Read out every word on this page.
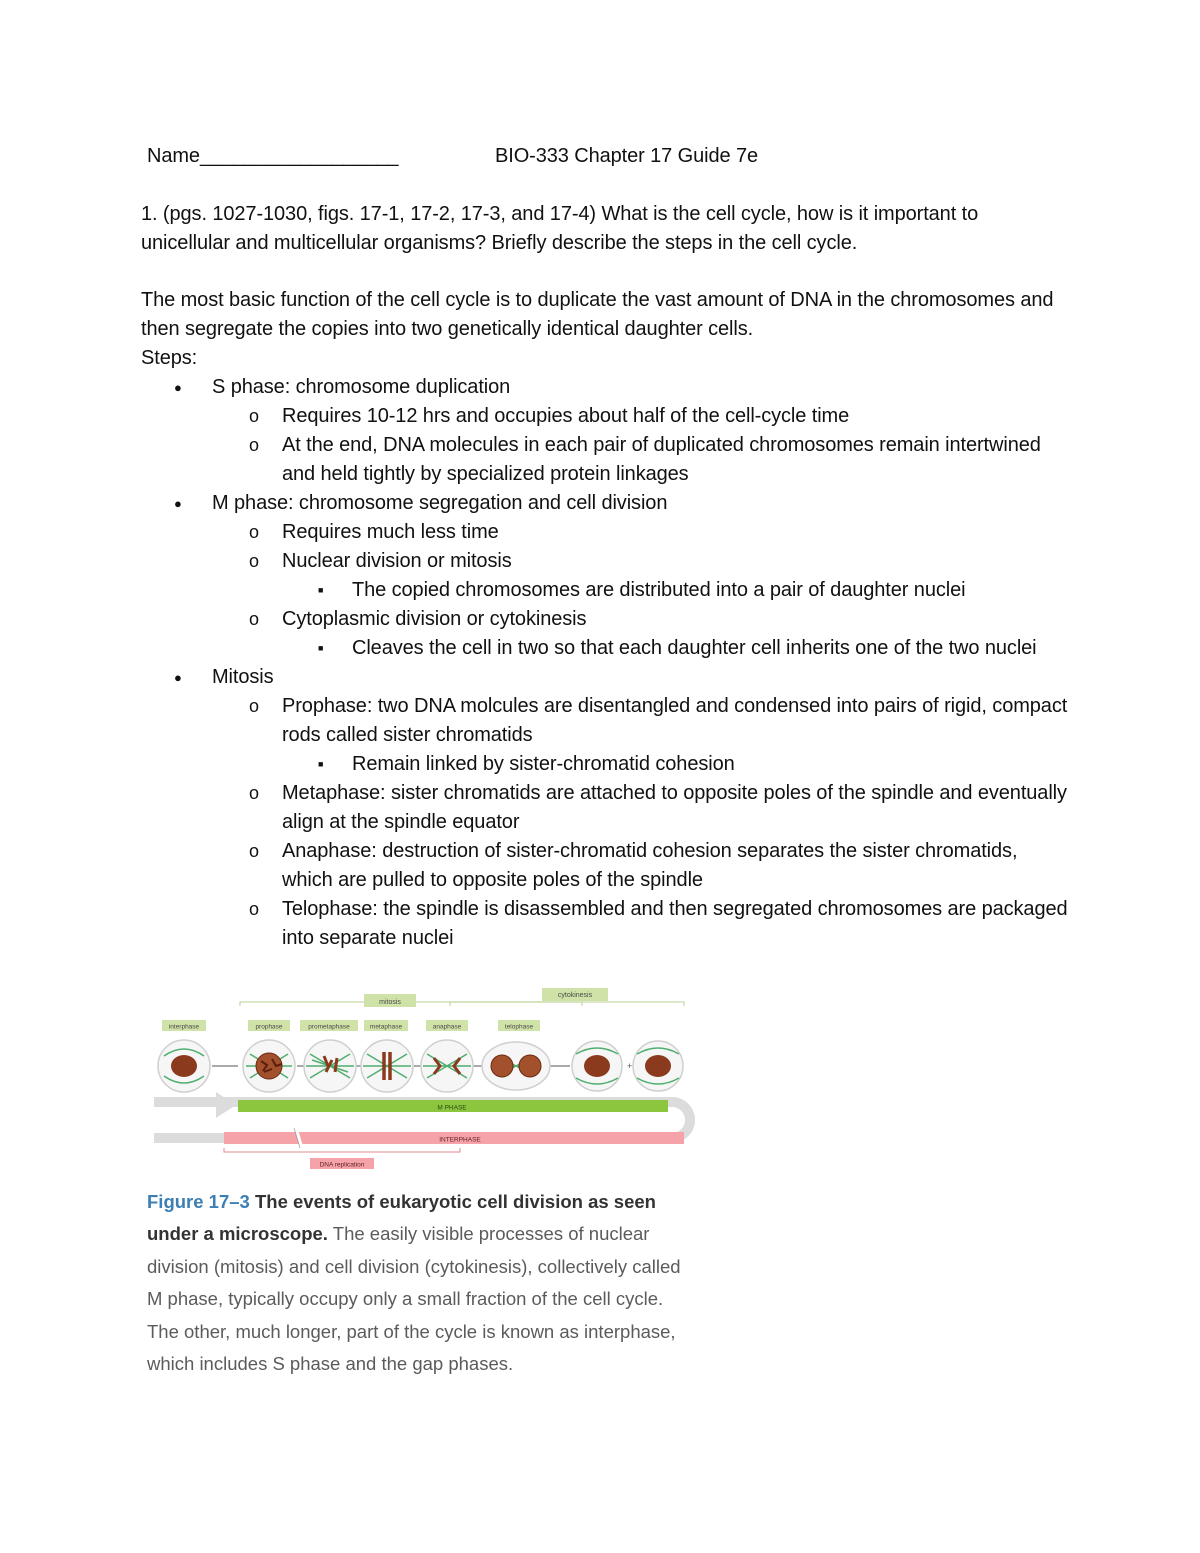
Name__________________	BIO-333 Chapter 17 Guide 7e
1. (pgs. 1027-1030, figs. 17-1, 17-2, 17-3, and 17-4) What is the cell cycle, how is it important to unicellular and multicellular organisms? Briefly describe the steps in the cell cycle.
The most basic function of the cell cycle is to duplicate the vast amount of DNA in the chromosomes and then segregate the copies into two genetically identical daughter cells.
Steps:
● S phase: chromosome duplication
o Requires 10-12 hrs and occupies about half of the cell-cycle time
o At the end, DNA molecules in each pair of duplicated chromosomes remain intertwined and held tightly by specialized protein linkages
● M phase: chromosome segregation and cell division
o Requires much less time
o Nuclear division or mitosis
■ The copied chromosomes are distributed into a pair of daughter nuclei
o Cytoplasmic division or cytokinesis
■ Cleaves the cell in two so that each daughter cell inherits one of the two nuclei
● Mitosis
o Prophase: two DNA molcules are disentangled and condensed into pairs of rigid, compact rods called sister chromatids
■ Remain linked by sister-chromatid cohesion
o Metaphase: sister chromatids are attached to opposite poles of the spindle and eventually align at the spindle equator
o Anaphase: destruction of sister-chromatid cohesion separates the sister chromatids, which are pulled to opposite poles of the spindle
o Telophase: the spindle is disassembled and then segregated chromosomes are packaged into separate nuclei
mitosis
cytokinesis
interphase	prophase	prometaphase	metaphase	anaphase	telophase
+
M PHASE
INTERPHASE
DNA replication
Figure 17–3 The events of eukaryotic cell division as seen under a microscope. The easily visible processes of nuclear division (mitosis) and cell division (cytokinesis), collectively called M phase, typically occupy only a small fraction of the cell cycle. The other, much longer, part of the cycle is known as interphase, which includes S phase and the gap phases.
